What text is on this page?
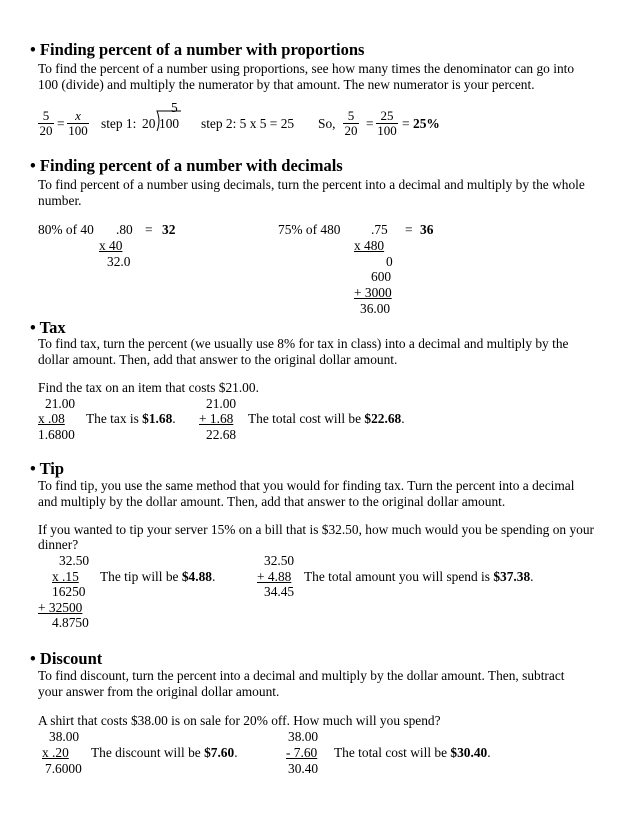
• Finding percent of a number with proportions
To find the percent of a number using proportions, see how many times the denominator can go into
100 (divide) and multiply the numerator by that amount. The new numerator is your percent.
$\frac{5}{20} = \frac{x}{100}$ step 1: 20 100
5
step 2: 5 x 5 = 25 So, $\frac{5}{20} = \frac{25}{100} = 25\%$
• Finding percent of a number with decimals
To find percent of a number using decimals, turn the percent into a decimal and multiply by the whole
number.
80% of 40 .80 = 32
x 40
32.0
75% of 480 .75 = 36
x 480
0
600
+ 3000
36.00
• Tax
To find tax, turn the percent (we usually use 8% for tax in class) into a decimal and multiply by the
dollar amount. Then, add that answer to the original dollar amount.
Find the tax on an item that costs $21.00.
21.00
x .08
1.6800
The tax is $1.68.
21.00
+ 1.68
22.68
The total cost will be $22.68.
• Tip
To find tip, you use the same method that you would for finding tax. Turn the percent into a decimal
and multiply by the dollar amount. Then, add that answer to the original dollar amount.
If you wanted to tip your server 15% on a bill that is $32.50, how much would you be spending on your
dinner?
32.50
x .15
16250
+ 32500
4.8750
The tip will be $4.88.
32.50
+ 4.88
34.45
The total amount you will spend is $37.38.
• Discount
To find discount, turn the percent into a decimal and multiply by the dollar amount. Then, subtract
your answer from the original dollar amount.
A shirt that costs $38.00 is on sale for 20% off. How much will you spend?
38.00
x .20
7.6000
The discount will be $7.60.
38.00
- 7.60
30.40
The total cost will be $30.40.
